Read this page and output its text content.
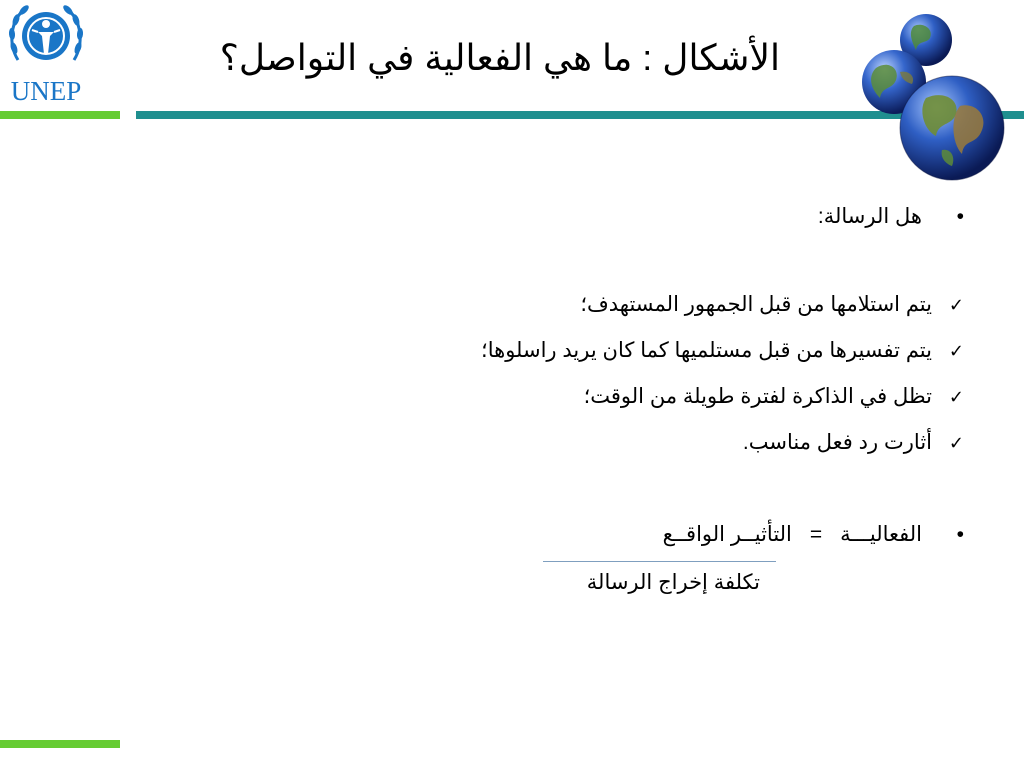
UNEP
الأشكال : ما هي الفعالية في التواصل؟
•هل الرسالة:
✓يتم استلامها من قبل الجمهور المستهدف؛
✓يتم تفسيرها من قبل مستلميها كما كان يريد راسلوها؛
✓تظل في الذاكرة لفترة طويلة من الوقت؛
✓أثارت رد فعل مناسب.
•الفعاليـــة=التأثيــر الواقــع
تكلفة إخراج الرسالة
